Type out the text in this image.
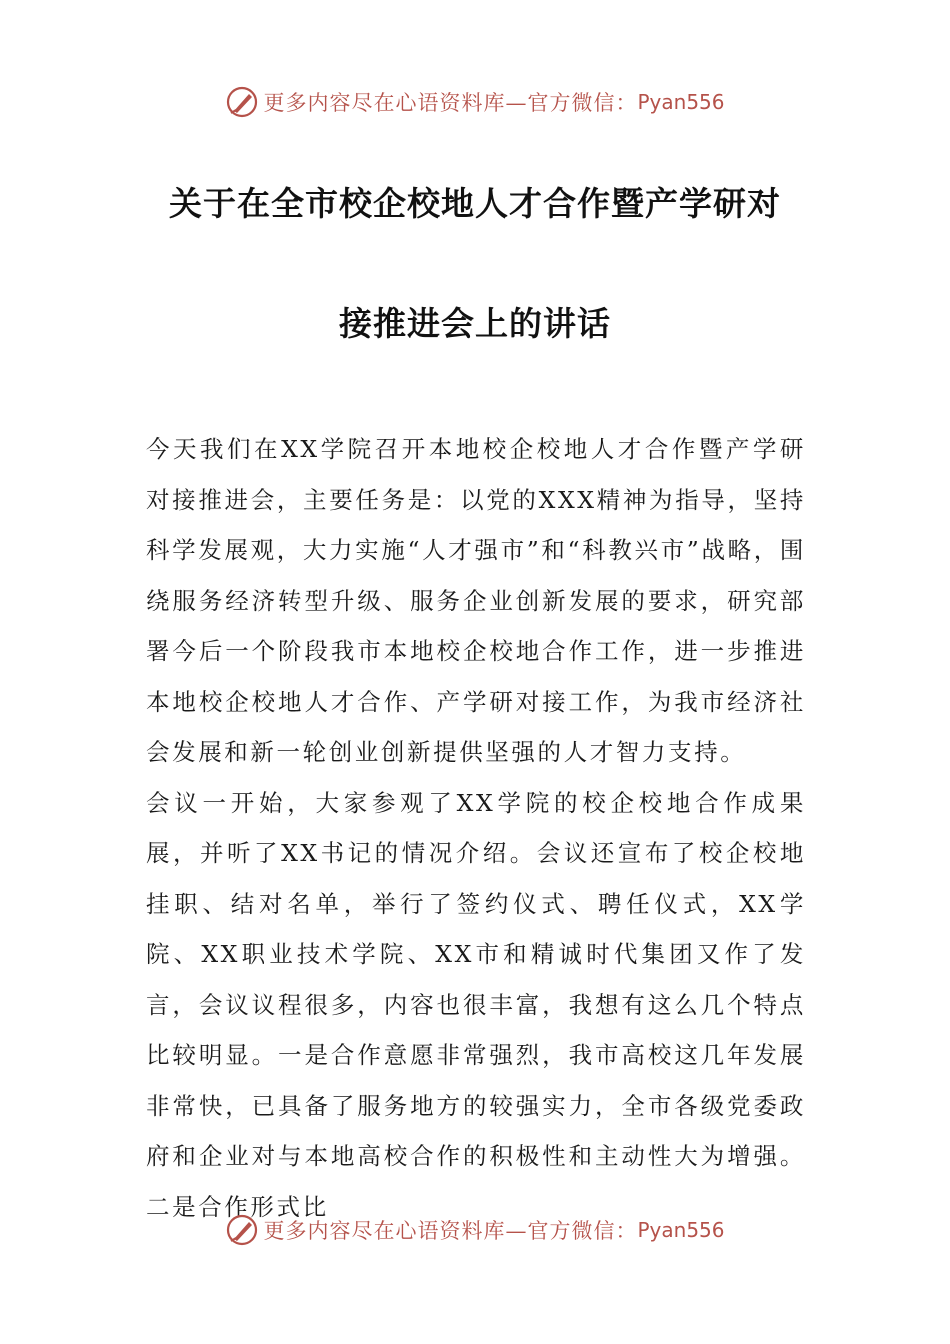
更多内容尽在心语资料库—官方微信： Pyan556
关于在全市校企校地人才合作暨产学研对
接推进会上的讲话

今天我们在XX学院召开本地校企校地人才合作暨产学研对接推进会，主要任务是：以党的XXX精神为指导，坚持科学发展观，大力实施“人才强市”和“科教兴市”战略，围绕服务经济转型升级、服务企业创新发展的要求，研究部署今后一个阶段我市本地校企校地合作工作，进一步推进本地校企校地人才合作、产学研对接工作，为我市经济社会发展和新一轮创业创新提供坚强的人才智力支持。

会议一开始，大家参观了XX学院的校企校地合作成果展，并听了XX书记的情况介绍。会议还宣布了校企校地挂职、结对名单，举行了签约仪式、聘任仪式，XX学院、XX职业技术学院、XX市和精诚时代集团又作了发言，会议议程很多，内容也很丰富，我想有这么几个特点比较明显。一是合作意愿非常强烈，我市高校这几年发展非常快，已具备了服务地方的较强实力，全市各级党委政府和企业对与本地高校合作的积极性和主动性大为增强。二是合作形式比

更多内容尽在心语资料库—官方微信： Pyan556
